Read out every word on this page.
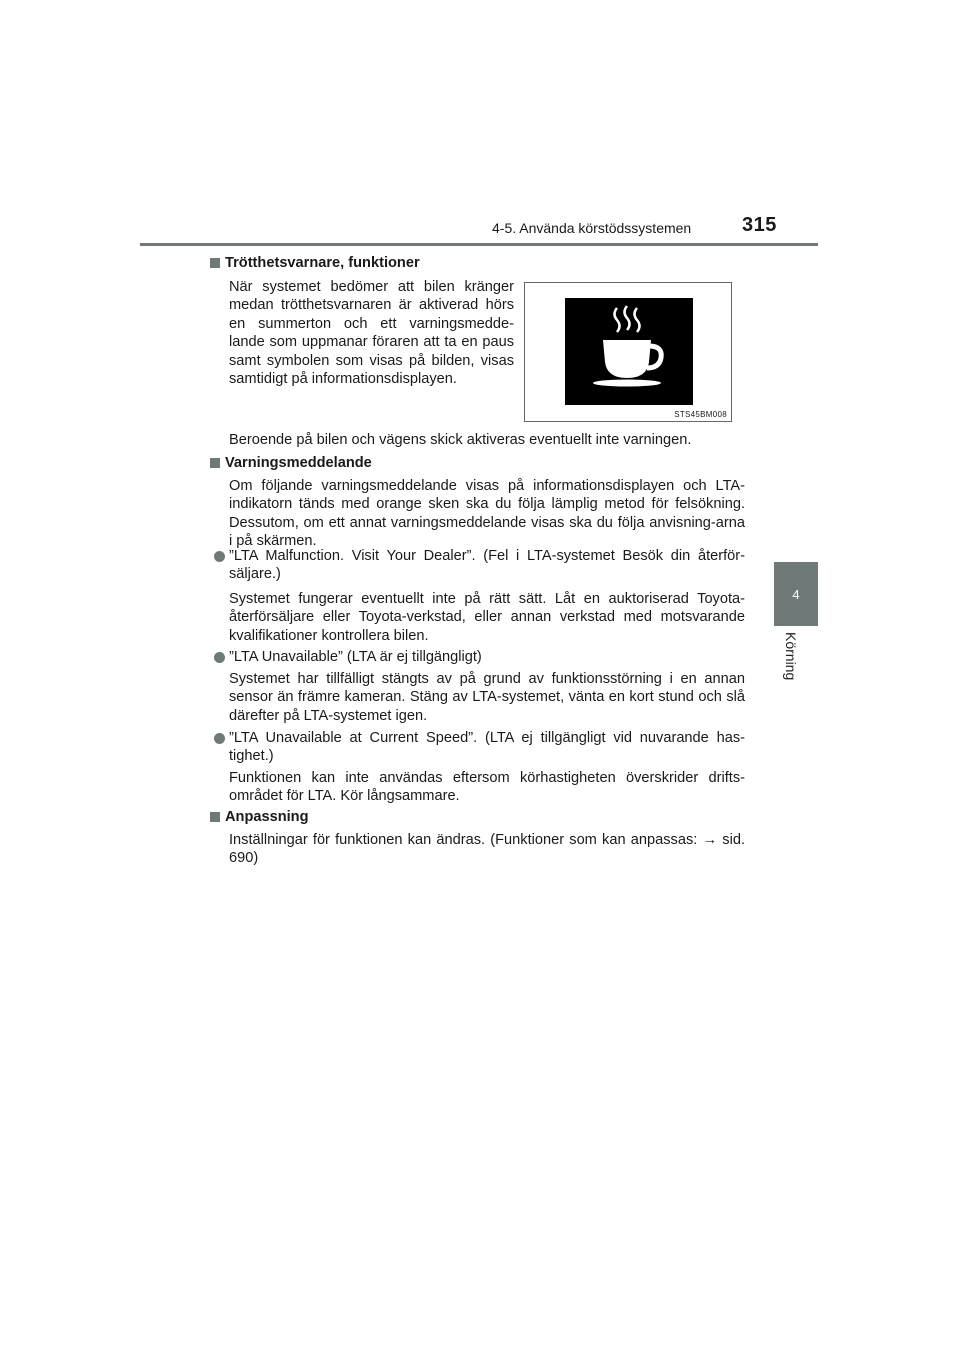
4-5. Använda körstödssystemen	315
4
Körning
Trötthetsvarnare, funktioner
När systemet bedömer att bilen kränger medan trötthetsvarnaren är aktiverad hörs en summerton och ett varningsmedde-lande som uppmanar föraren att ta en paus samt symbolen som visas på bilden, visas samtidigt på informationsdisplayen.
STS45BM008
Beroende på bilen och vägens skick aktiveras eventuellt inte varningen.
Varningsmeddelande
Om följande varningsmeddelande visas på informationsdisplayen och LTA-indikatorn tänds med orange sken ska du följa lämplig metod för felsökning. Dessutom, om ett annat varningsmeddelande visas ska du följa anvisning-arna i på skärmen.
”LTA Malfunction. Visit Your Dealer”. (Fel i LTA-systemet Besök din återför-säljare.)
Systemet fungerar eventuellt inte på rätt sätt. Låt en auktoriserad Toyota-återförsäljare eller Toyota-verkstad, eller annan verkstad med motsvarande kvalifikationer kontrollera bilen.
”LTA Unavailable” (LTA är ej tillgängligt)
Systemet har tillfälligt stängts av på grund av funktionsstörning i en annan sensor än främre kameran. Stäng av LTA-systemet, vänta en kort stund och slå därefter på LTA-systemet igen.
”LTA Unavailable at Current Speed”. (LTA ej tillgängligt vid nuvarande has-tighet.)
Funktionen kan inte användas eftersom körhastigheten överskrider drifts-området för LTA. Kör långsammare.
Anpassning
Inställningar för funktionen kan ändras. (Funktioner som kan anpassas: → sid. 690)
